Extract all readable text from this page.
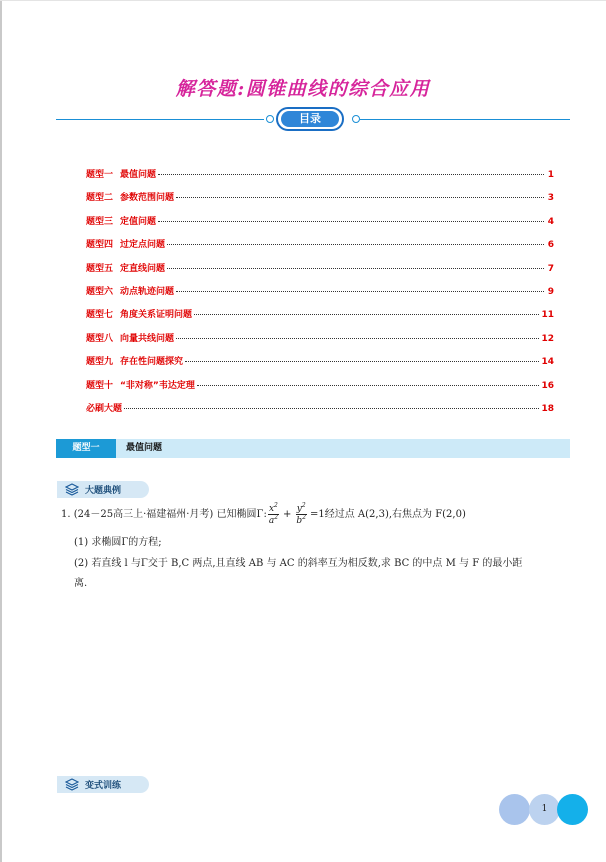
解答题:圆锥曲线的综合应用
目录
题型一 最值问题	1
题型二 参数范围问题	3
题型三 定值问题	4
题型四 过定点问题	6
题型五 定直线问题	7
题型六 动点轨迹问题	9
题型七 角度关系证明问题	11
题型八 向量共线问题	12
题型九 存在性问题探究	14
题型十 “非对称”韦达定理	16
必刷大题	18
题型一	最值问题
大题典例
1. (24－25高三上·福建福州·月考) 已知椭圆Γ: $\frac{x^2}{a^2} + \frac{y^2}{b^2} =1$经过点 A(2,3),右焦点为 F(2,0)
(1) 求椭圆Γ的方程;
(2) 若直线 l 与Γ交于 B,C 两点,且直线 AB 与 AC 的斜率互为相反数,求 BC 的中点 M 与 F 的最小距
离.
变式训练
1
